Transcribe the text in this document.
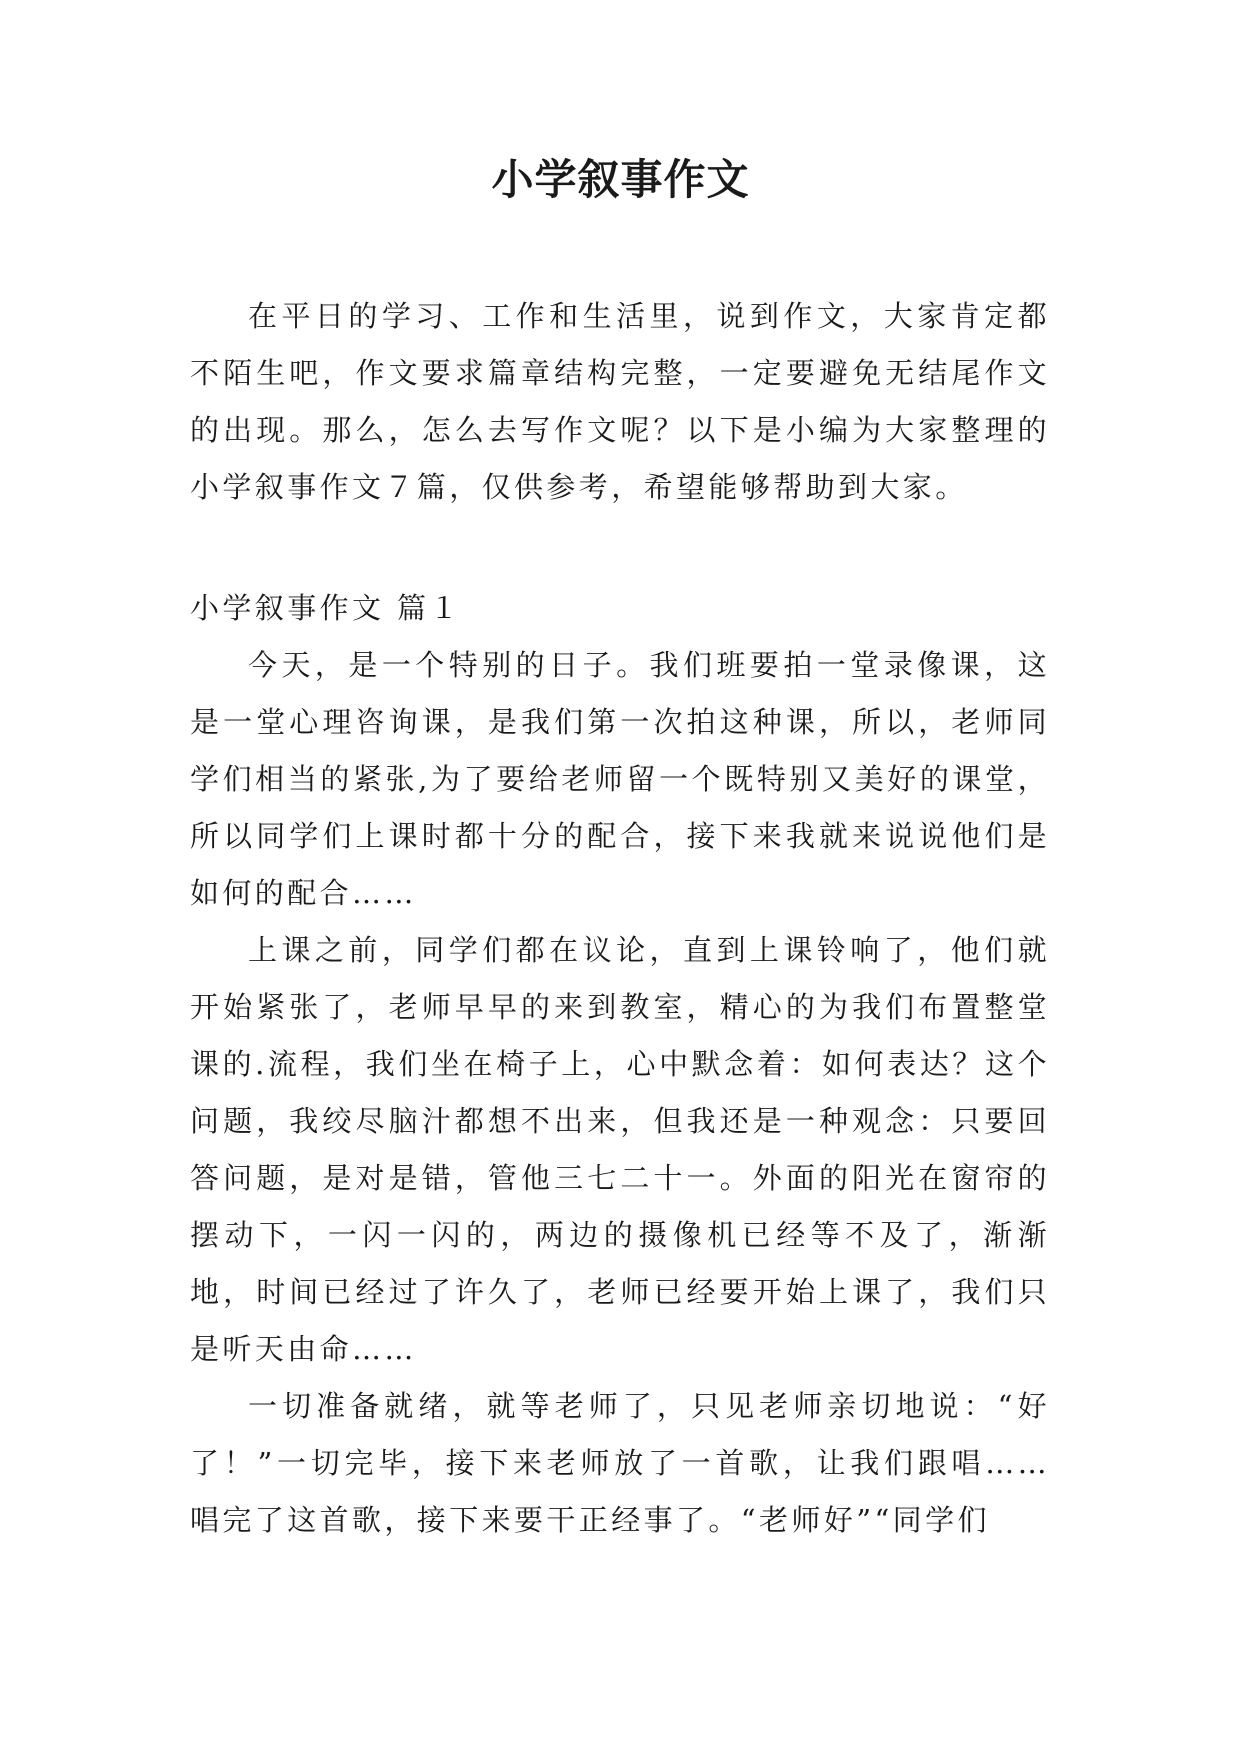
小学叙事作文

在平日的学习、工作和生活里，说到作文，大家肯定都不陌生吧，作文要求篇章结构完整，一定要避免无结尾作文的出现。那么，怎么去写作文呢？以下是小编为大家整理的小学叙事作文７篇，仅供参考，希望能够帮助到大家。

小学叙事作文 篇１

今天，是一个特别的日子。我们班要拍一堂录像课，这是一堂心理咨询课，是我们第一次拍这种课，所以，老师同学们相当的紧张,为了要给老师留一个既特别又美好的课堂，所以同学们上课时都十分的配合，接下来我就来说说他们是如何的配合……

上课之前，同学们都在议论，直到上课铃响了，他们就开始紧张了，老师早早的来到教室，精心的为我们布置整堂课的.流程，我们坐在椅子上，心中默念着：如何表达？这个问题，我绞尽脑汁都想不出来，但我还是一种观念：只要回答问题，是对是错，管他三七二十一。外面的阳光在窗帘的摆动下，一闪一闪的，两边的摄像机已经等不及了，渐渐地，时间已经过了许久了，老师已经要开始上课了，我们只是听天由命……

一切准备就绪，就等老师了，只见老师亲切地说：“好了！”一切完毕，接下来老师放了一首歌，让我们跟唱……唱完了这首歌，接下来要干正经事了。“老师好”“同学们
